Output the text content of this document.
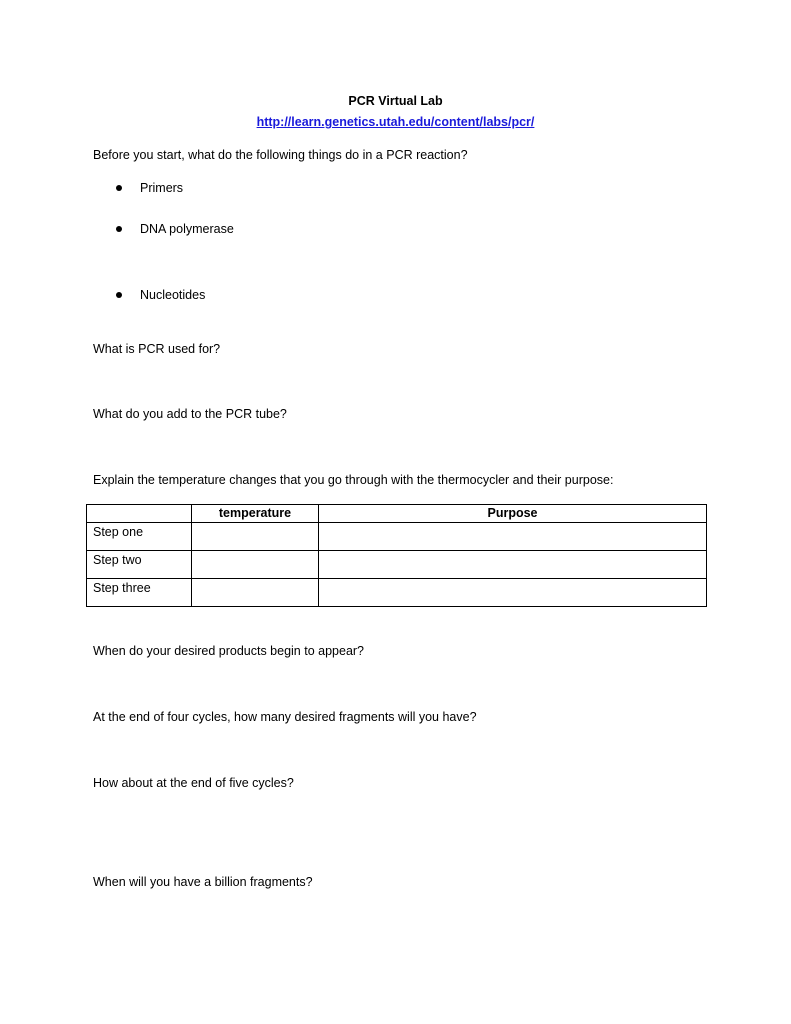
PCR Virtual Lab
http://learn.genetics.utah.edu/content/labs/pcr/
Before you start, what do the following things do in a PCR reaction?
Primers
DNA polymerase
Nucleotides
What is PCR used for?
What do you add to the PCR tube?
Explain the temperature changes that you go through with the thermocycler and their purpose:
	temperature	Purpose
Step one		
Step two		
Step three		
When do your desired products begin to appear?
At the end of four cycles, how many desired fragments will you have?
How about at the end of five cycles?
When will you have a billion fragments?
